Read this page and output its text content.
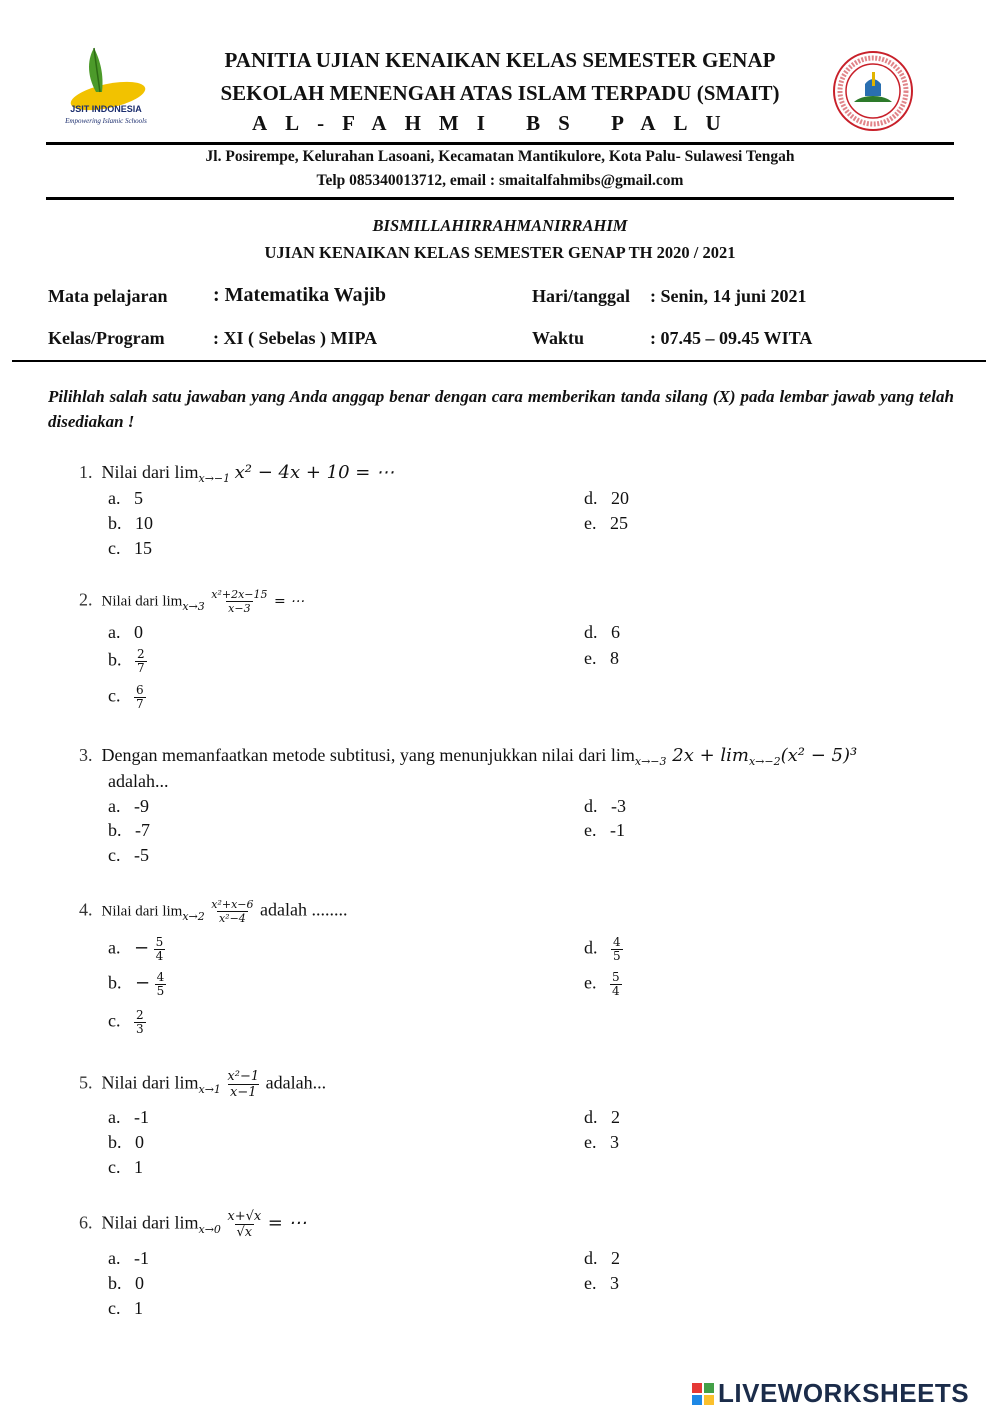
JSIT INDONESIA
Empowering Islamic Schools
PANITIA UJIAN KENAIKAN KELAS SEMESTER GENAP
SEKOLAH MENENGAH ATAS ISLAM TERPADU (SMAIT)
AL-FAHMI BS PALU
Jl. Posirempe, Kelurahan Lasoani, Kecamatan Mantikulore, Kota Palu- Sulawesi Tengah
Telp 085340013712, email : smaitalfahmibs@gmail.com
BISMILLAHIRRAHMANIRRAHIM
UJIAN KENAIKAN KELAS SEMESTER GENAP TH 2020 / 2021
Mata pelajaran : Matematika Wajib	Hari/tanggal : Senin, 14 juni 2021
Kelas/Program	: XI ( Sebelas ) MIPA	Waktu	: 07.45 – 09.45 WITA
Pilihlah salah satu jawaban yang Anda anggap benar dengan cara memberikan tanda silang (X) pada lembar jawab yang telah disediakan !
1. Nilai dari $\lim_{x\to-1} x^2 - 4x + 10$ = ⋯
a. 5
b. 10
c. 15
d. 20
e. 25
2. Nilai dari $\lim_{x\to 3} \frac{\text{x²+2x−15}}{x-3}$ = ⋯
a. 0
b. $\frac{2}{7}$
c. $\frac{6}{7}$
d. 6
e. 8
3. Dengan memanfaatkan metode subtitusi, yang menunjukkan nilai dari $\lim_{x\to-3} 2x + \lim_{x\to-2}(x^2 - 5)^3$
adalah...
a. -9
b. -7
c. -5
d. -3
e. -1
4. Nilai dari $\lim_{x\to 2} \frac{\text{x²+x−6}}{\text{x²−4}}$ adalah ........
a. − $\frac{5}{4}$
b. − $\frac{4}{5}$
c. $\frac{2}{3}$
d. $\frac{4}{5}$
e. $\frac{5}{4}$
5. Nilai dari $\lim_{x\to 1} \frac{\text{x²−1}}{x-1}$ adalah...
a. -1
b. 0
c. 1
d. 2
e. 3
6. Nilai dari $\lim_{x\to 0} \frac{x+√x}{√x}$ = ⋯
a. -1
b. 0
c. 1
d. 2
e. 3
LIVEWORKSHEETS
